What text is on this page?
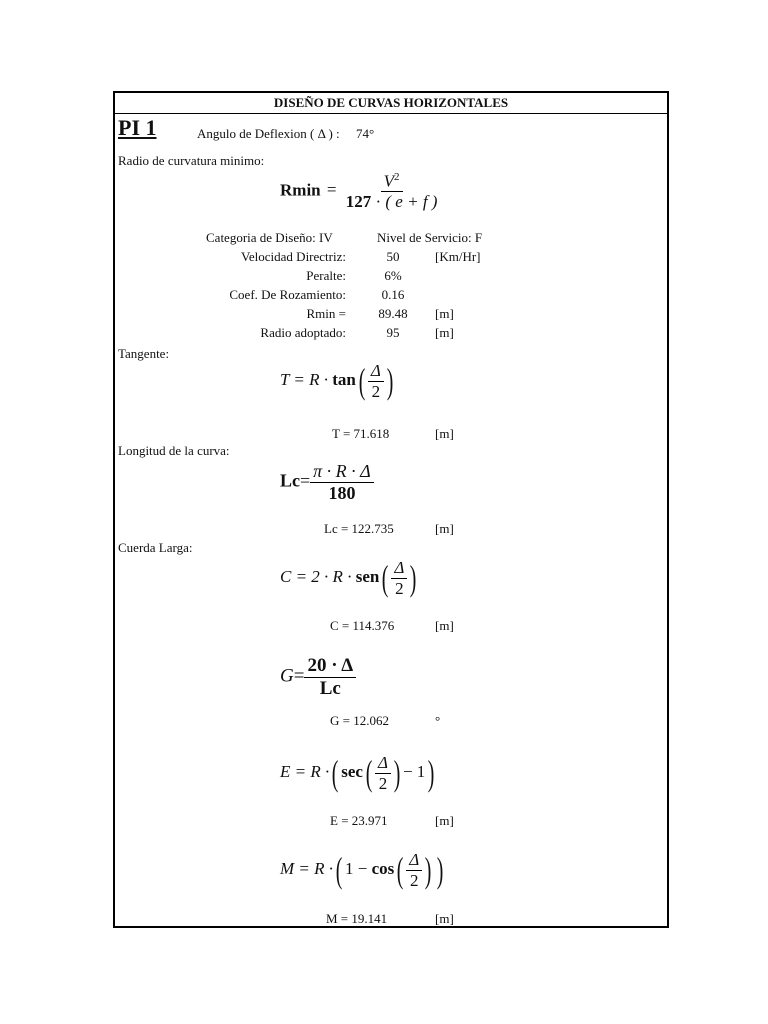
DISEÑO DE CURVAS HORIZONTALES
PI 1	Angulo de Deflexion ( Δ ) : 74°
Radio de curvatura minimo:
$Rmin = \frac{V^2}{127 \cdot ( e + f )}$
Categoria de Diseño: IV	Nivel de Servicio: F
Velocidad Directriz:	50	[Km/Hr]
Peralte:	6%
Coef. De Rozamiento:	0.16
Rmin =	89.48	[m]
Radio adoptado:	95	[m]
Tangente:
$T = R \cdot \tan( \frac{\Delta}{2}$ )
T = 71.618	[m]
Longitud de la curva:
$Lc= \frac{\pi \cdot R \cdot \Delta}{180}$
Lc = 122.735	[m]
Cuerda Larga:
$C = 2 \cdot R \cdot sen( \frac{\Delta}{2}$ )
C = 114.376	[m]
$G= \frac{20 \cdot \Delta}{Lc}$
G = 12.062	°
E = R ·( $\sec( \frac{\Delta}{2}$ ) − 1)
E = 23.971	[m]
M = R ·( $1 - \cos( \frac{\Delta}{2}$ ) )
M = 19.141	[m]
